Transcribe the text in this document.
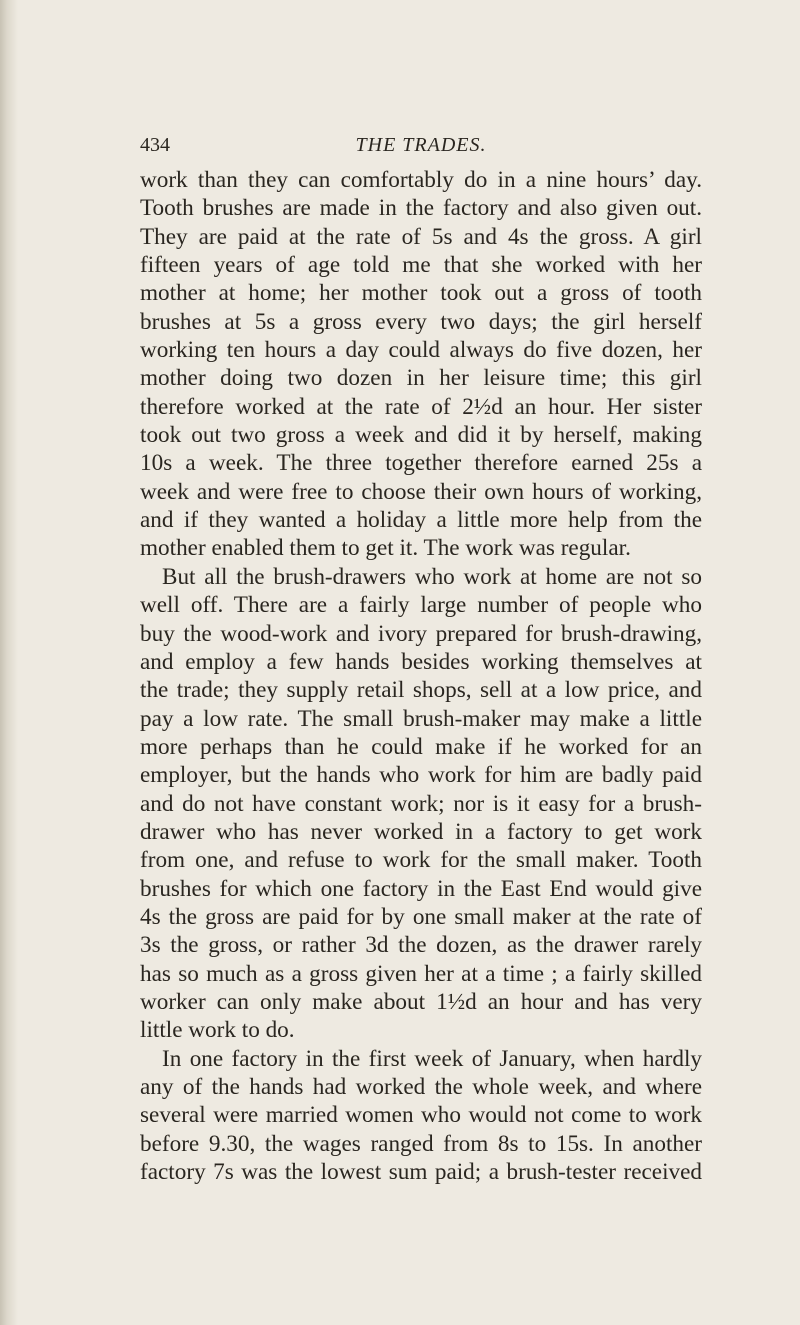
434	THE TRADES.
work than they can comfortably do in a nine hours’ day.
Tooth brushes are made in the factory and also given out.
They are paid at the rate of 5s and 4s the gross. A girl
fifteen years of age told me that she worked with her
mother at home; her mother took out a gross of tooth
brushes at 5s a gross every two days; the girl herself
working ten hours a day could always do five dozen, her
mother doing two dozen in her leisure time; this girl
therefore worked at the rate of 2½d an hour. Her sister
took out two gross a week and did it by herself, making
10s a week. The three together therefore earned 25s a
week and were free to choose their own hours of working,
and if they wanted a holiday a little more help from the
mother enabled them to get it. The work was regular.
But all the brush-drawers who work at home are not so
well off. There are a fairly large number of people who
buy the wood-work and ivory prepared for brush-drawing,
and employ a few hands besides working themselves at
the trade; they supply retail shops, sell at a low price, and
pay a low rate. The small brush-maker may make a little
more perhaps than he could make if he worked for an
employer, but the hands who work for him are badly paid
and do not have constant work; nor is it easy for a brush-
drawer who has never worked in a factory to get work
from one, and refuse to work for the small maker. Tooth
brushes for which one factory in the East End would give
4s the gross are paid for by one small maker at the rate of
3s the gross, or rather 3d the dozen, as the drawer rarely
has so much as a gross given her at a time ; a fairly skilled
worker can only make about 1½d an hour and has very
little work to do.
In one factory in the first week of January, when hardly
any of the hands had worked the whole week, and where
several were married women who would not come to work
before 9.30, the wages ranged from 8s to 15s. In another
factory 7s was the lowest sum paid; a brush-tester received
